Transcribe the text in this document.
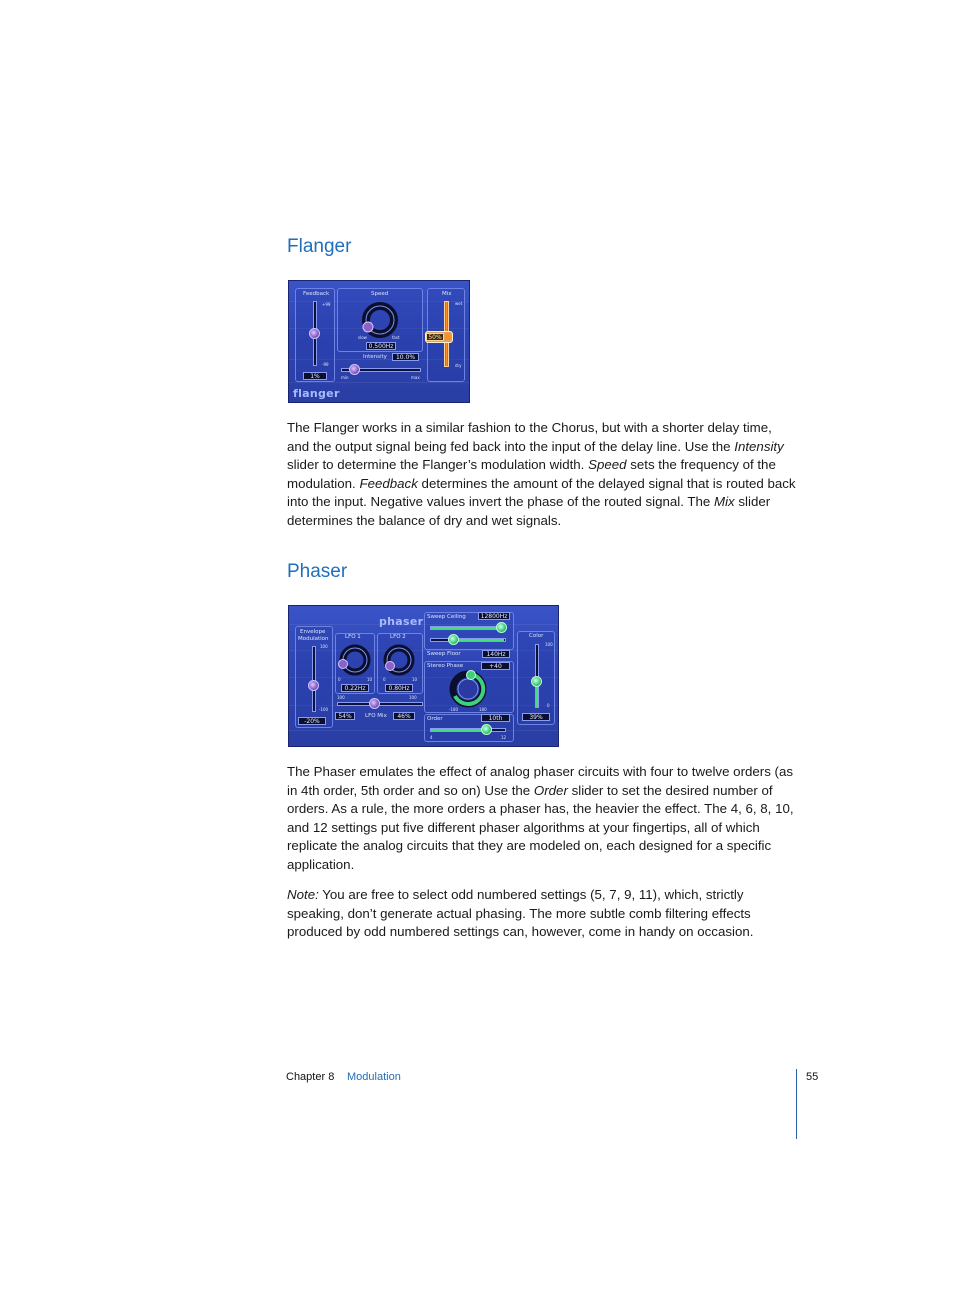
Flanger
Feedback
+99
-99
1%
Speed
slow	fast
0.500Hz
Intensity	10.0%
min	max
Mix
wet
dry
50%
flanger

The Flanger works in a similar fashion to the Chorus, but with a shorter delay time, and the output signal being fed back into the input of the delay line. Use the Intensity slider to determine the Flanger’s modulation width. Speed sets the frequency of the modulation. Feedback determines the amount of the delayed signal that is routed back into the input. Negative values invert the phase of the routed signal. The Mix slider determines the balance of dry and wet signals.

Phaser
phaser
Envelope
Modulation
100
-100
-20%
LFO 1
0	10
0.22Hz
LFO 2
0	10
0.80Hz
100	100
54%	LFO Mix	46%
Sweep Ceiling	12800Hz
Sweep Floor	140Hz
Stereo Phase	+40
-180	180
Order	10th
4	12
Color
100
0
39%

The Phaser emulates the effect of analog phaser circuits with four to twelve orders (as in 4th order, 5th order and so on) Use the Order slider to set the desired number of orders. As a rule, the more orders a phaser has, the heavier the effect. The 4, 6, 8, 10, and 12 settings put five different phaser algorithms at your fingertips, all of which replicate the analog circuits that they are modeled on, each designed for a specific application.

Note: You are free to select odd numbered settings (5, 7, 9, 11), which, strictly speaking, don’t generate actual phasing. The more subtle comb filtering effects produced by odd numbered settings can, however, come in handy on occasion.

Chapter 8 Modulation	55
